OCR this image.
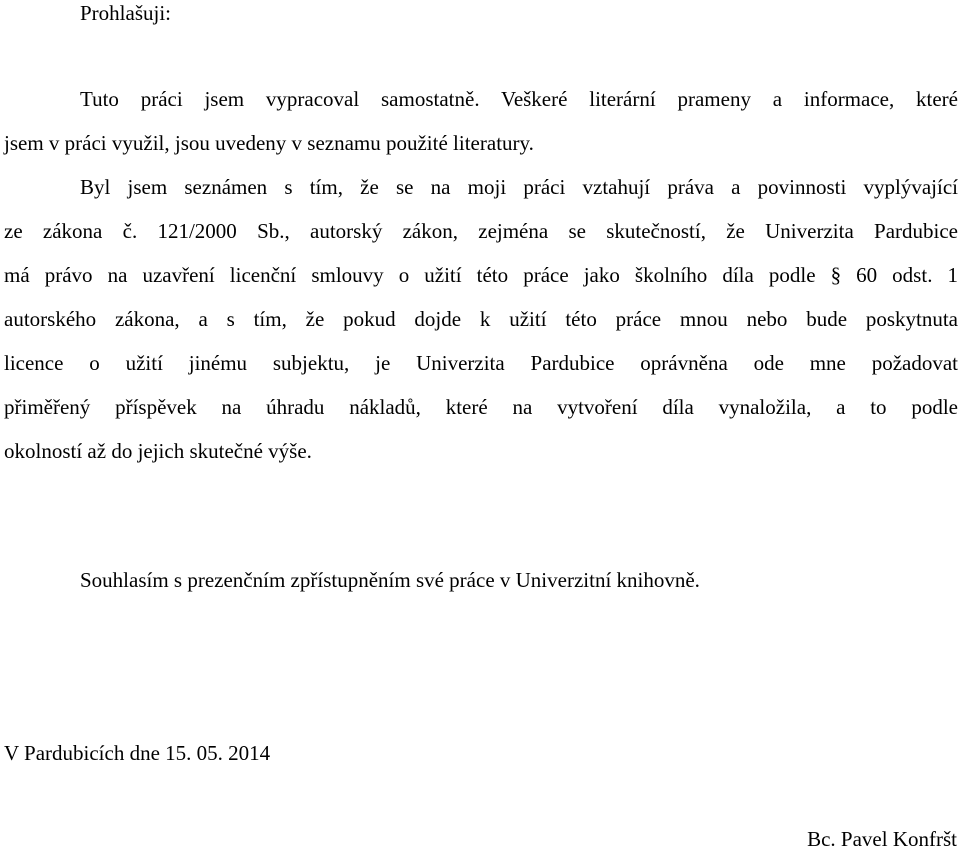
Prohlašuji:
Tuto práci jsem vypracoval samostatně. Veškeré literární prameny a informace, které
jsem v práci využil, jsou uvedeny v seznamu použité literatury.
Byl jsem seznámen s tím, že se na moji práci vztahují práva a povinnosti vyplývající
ze zákona č. 121/2000 Sb., autorský zákon, zejména se skutečností, že Univerzita Pardubice
má právo na uzavření licenční smlouvy o užití této práce jako školního díla podle § 60 odst. 1
autorského zákona, a s tím, že pokud dojde k užití této práce mnou nebo bude poskytnuta
licence o užití jinému subjektu, je Univerzita Pardubice oprávněna ode mne požadovat
přiměřený příspěvek na úhradu nákladů, které na vytvoření díla vynaložila, a to podle
okolností až do jejich skutečné výše.
Souhlasím s prezenčním zpřístupněním své práce v Univerzitní knihovně.
V Pardubicích dne 15. 05. 2014
Bc. Pavel Konfršt
